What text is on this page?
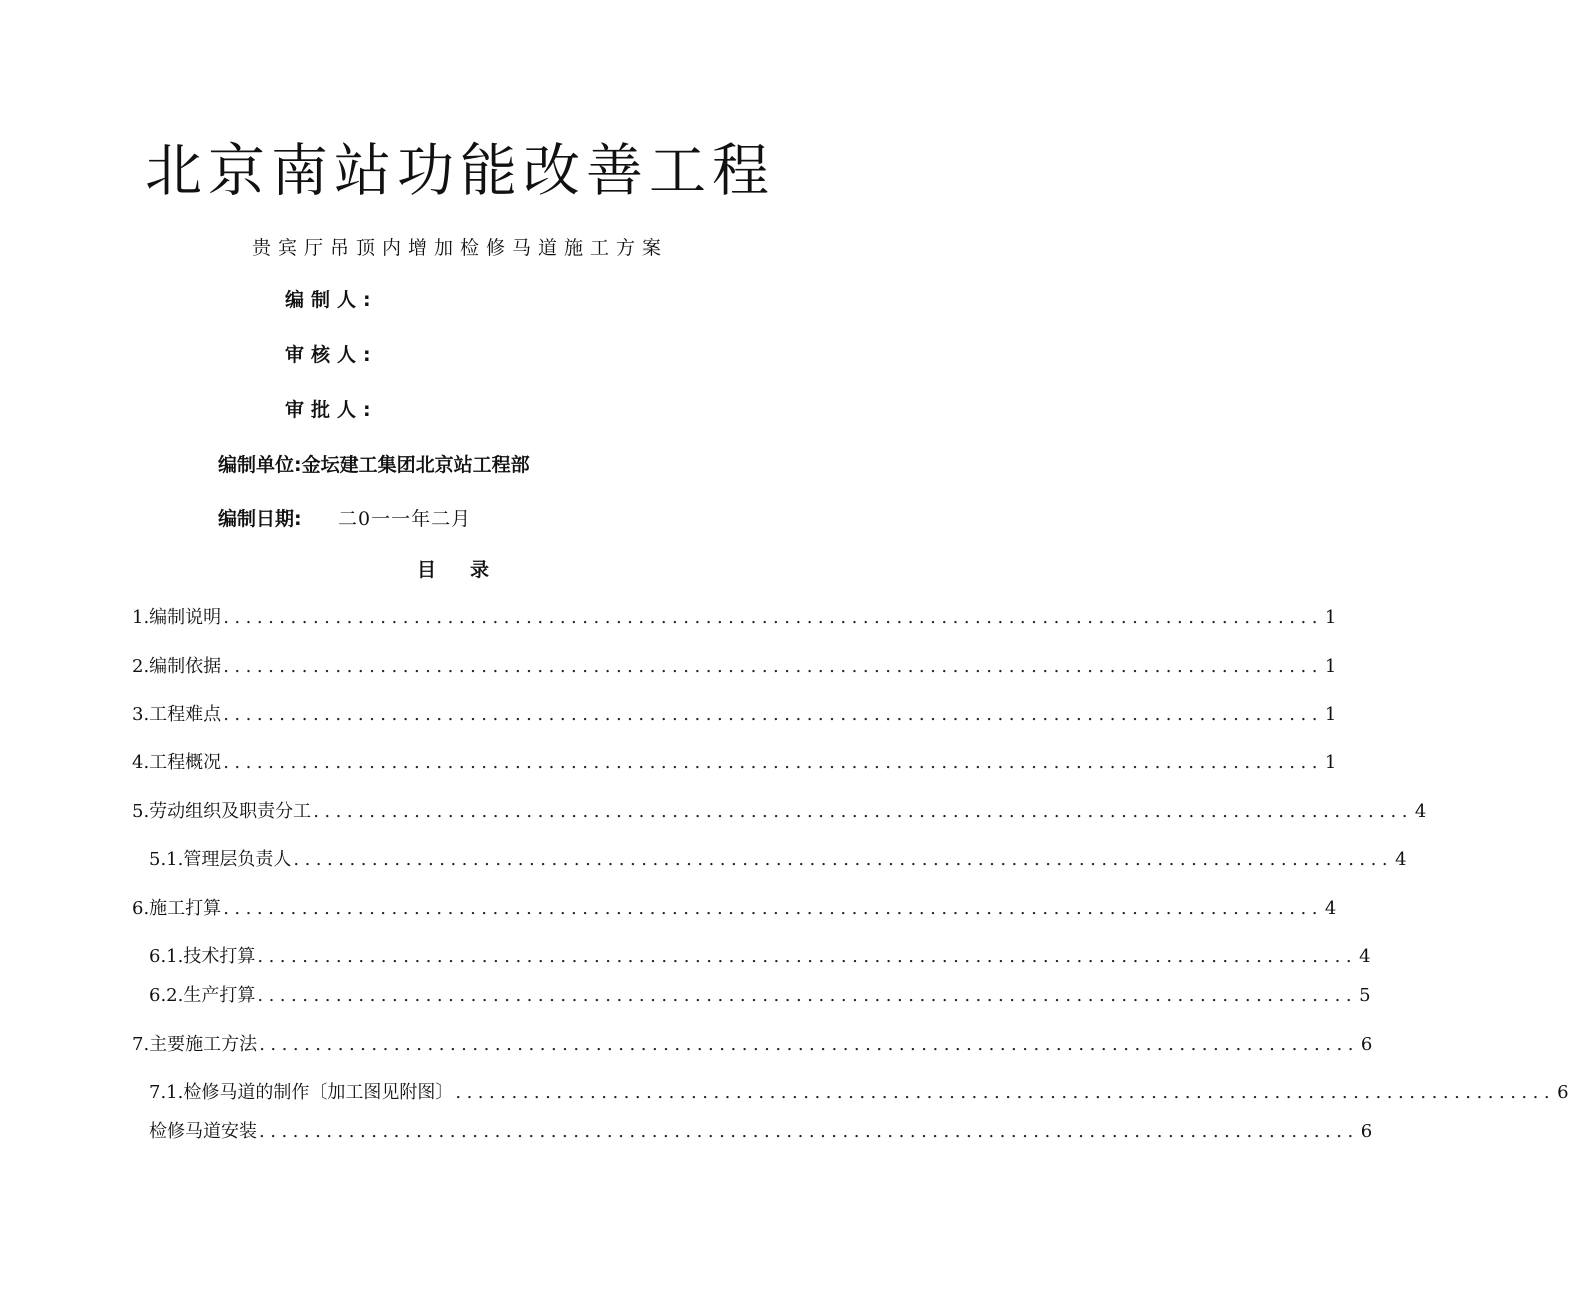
北京南站功能改善工程
贵宾厅吊顶内增加检修马道施工方案
编制人:
审核人:
审批人:
编制单位:金坛建工集团北京站工程部
编制日期: 二0一一年二月
目录
1.编制说明 .................................................................................................. 1
2.编制依据 .................................................................................................. 1
3.工程难点 .................................................................................................. 1
4.工程概况 .................................................................................................. 1
5.劳动组织及职责分工 .................................................................................................. 4
5.1.管理层负责人 .................................................................................................. 4
6.施工打算 .................................................................................................. 4
6.1.技术打算 .................................................................................................. 4
6.2.生产打算 .................................................................................................. 5
7.主要施工方法 .................................................................................................. 6
7.1.检修马道的制作〔加工图见附图〕 .................................................................................................. 6
检修马道安装 .................................................................................................. 6
